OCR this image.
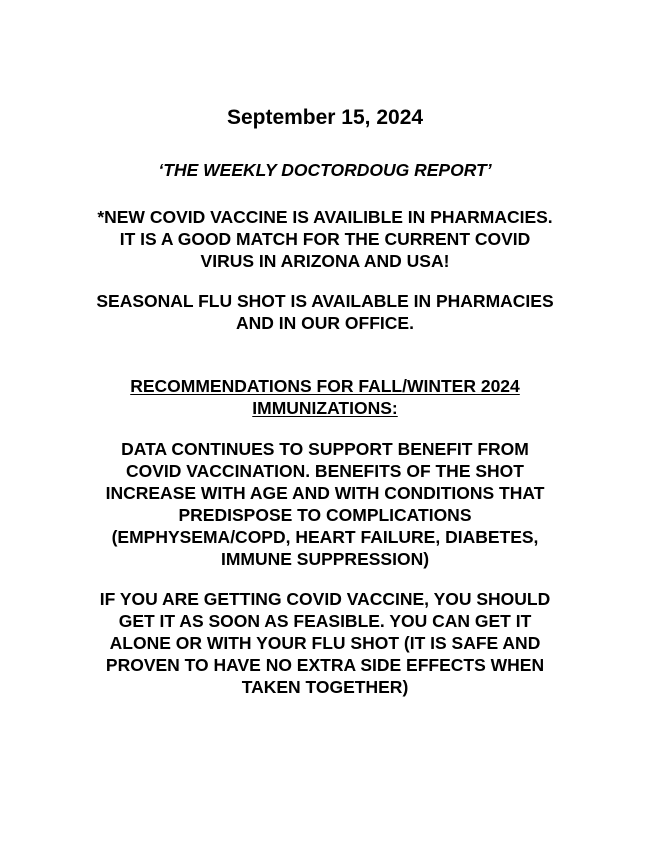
September 15, 2024
‘THE WEEKLY DOCTORDOUG REPORT’
*NEW COVID VACCINE IS AVAILIBLE IN PHARMACIES.
IT IS A GOOD MATCH FOR THE CURRENT COVID
VIRUS IN ARIZONA AND USA!
SEASONAL FLU SHOT IS AVAILABLE IN PHARMACIES
AND IN OUR OFFICE.
RECOMMENDATIONS FOR FALL/WINTER 2024
IMMUNIZATIONS:
DATA CONTINUES TO SUPPORT BENEFIT FROM
COVID VACCINATION. BENEFITS OF THE SHOT
INCREASE WITH AGE AND WITH CONDITIONS THAT
PREDISPOSE TO COMPLICATIONS
(EMPHYSEMA/COPD, HEART FAILURE, DIABETES,
IMMUNE SUPPRESSION)
IF YOU ARE GETTING COVID VACCINE, YOU SHOULD
GET IT AS SOON AS FEASIBLE. YOU CAN GET IT
ALONE OR WITH YOUR FLU SHOT (IT IS SAFE AND
PROVEN TO HAVE NO EXTRA SIDE EFFECTS WHEN
TAKEN TOGETHER)
